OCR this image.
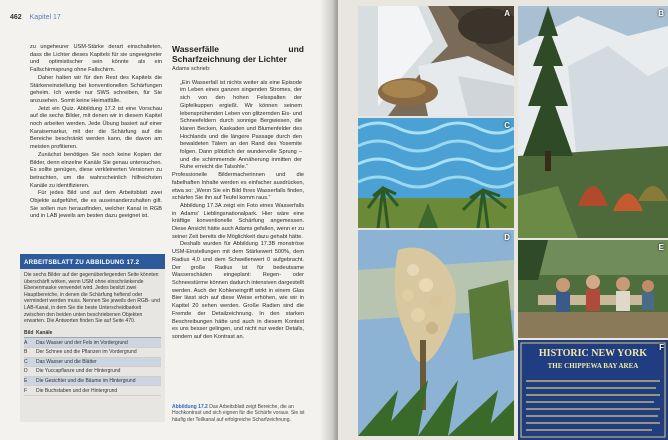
462 Kapitel 17

zu ungeheurer USM-Stärke derart einschalteten, dass die Lichter dieses Kapitels für sie ungeeigneter und optimistischer sein könnte als ein Fallschirmsprung ohne Fallschirm.

Daher halten wir für den Rest des Kapitels die Stärkeneinstellung bei konventionellen Schärfungen geheim. Ich werde nur SWS schreiben, für Sie anzusehen. Somit keine Heimatfälle.

Jetzt ein Quiz. Abbildung 17.2 ist eine Vorschau auf die sechs Bilder, mit denen wir in diesem Kapitel noch arbeiten werden. Jede Übung basiert auf einer Karaisemarkur, mit der die Schärfung auf die Bereiche beschränkt werden kann, die davon am meisten profitieren.

Zunächst benötigen Sie noch keine Kopien der Bilder, denn einzelne Kanäle Sie genau untersuchen. Es sollte genügen, diese verkleinerten Versionen zu betrachten, um die wahrscheinlich hilfreichsten Kanäle zu identifizieren.

Für jedes Bild und auf dem Arbeitsblatt zwei Objekte aufgeführt, die es auseinanderzuhalten gilt. Sie sollen nun herausfinden, welcher Kanal in RGB und in LAB jeweils am besten dazu geeignet ist.

Wasserfälle und Scharfzeichnung der Lichter
Adams schrieb:

„Ein Wasserfall ist nichts weiter als eine Episode im Leben eines ganzen singenden Stromes, der sich von den hohen Felsspalten der Gipfelkuppen ergießt. Wir können seinem lebensprühenden Leben von glitzernden Eis- und Schneefeldern durch sonnige Bergwiesen, die klaren Becken, Kaskaden und Blumenfelder des Hochlands und die längere Passage durch den bewaldeten Tälern an den Rand des Yosemite folgen. Dann plötzlich der wundervolle Sprung – und die schimmernde Annäherung inmitten der Ruhe erreicht die Talsohle.“

Professionelle Bildermacherinnen und die fabelhaften Inhalte werden es einfacher ausdrücken, etwa so: „Wenn Sie ein Bild Ihres Wasserfalls finden, schärfen Sie ihn auf Teufel komm raus.“

Abbildung 17.3A zeigt ein Foto eines Wasserfalls in Adams' Lieblingsnationalpark. Hier wäre eine kräftige konventionelle Schärfung angemessen. Diese Ansicht hätte auch Adams gefallen, wenn er zu seiner Zeit bereits die Möglichkeit dazu gehabt hätte.

Deshalb wurden für Abbildung 17.3B monströse USM-Einstellungen mit dem Stärkewert 500%, dem Radius 4,0 und dem Schwellenwert 0 aufgebracht. Der große Radius ist für bedeutsame Wasserschäden eingeplant: Regen- oder Schneestürme können dadurch intensiven dargestellt werden. Auch der Kohleneingriff wirkt in einem Glas Bier lässt sich auf diese Weise erhöhen, wie wir in Kapitel 20 sehen werden. Große Radien sind die Fremde der Detailzeichnung. In den starken Beschreibungen hätte und auch in diesem Kontext es uns besser gelingen, und nicht nur weder Details, sondern auf den Kontrast an.

Abbildung 17.2 Das Arbeitsblatt zeigt Bereiche, die an Hochkontrast und sich eignen für die Schärfe voraus. Sie ist häufig der Teilkanal auf erfolgreiche Scharfzeichnung.
ARBEITSBLATT ZU ABBILDUNG 17.2
Die sechs Bilder auf der gegenüberliegenden Seite könnten überschärft wirken, wenn USM ohne einschränkende Ebenenmaske verwendet wird. Jedes besitzt zwei Hauptbereiche, in denen die Schärfung heftend oder vermindert werden muss. Nennen Sie jeweils den RGB- und LAB-Kanal, in dem Sie die beste Unterscheidbarkeit zwischen den beiden unten beschriebenen Objekten erwarten. Die Antworten finden Sie auf Seite 470.
Bild Kanäle
A	Das Wasser und der Fels im Vordergrund
B	Der Schnee und die Pflanzen im Vordergrund
C	Das Wasser und die Blätter
D	Die Yuccapflanze und der Hintergrund
E	Die Gesichter und die Bäume im Hintergrund
F	Die Buchstaben und der Hintergrund
A	B
C
D
E
HISTORIC NEW YORK
THE CHIPPEWA BAY AREA
F
